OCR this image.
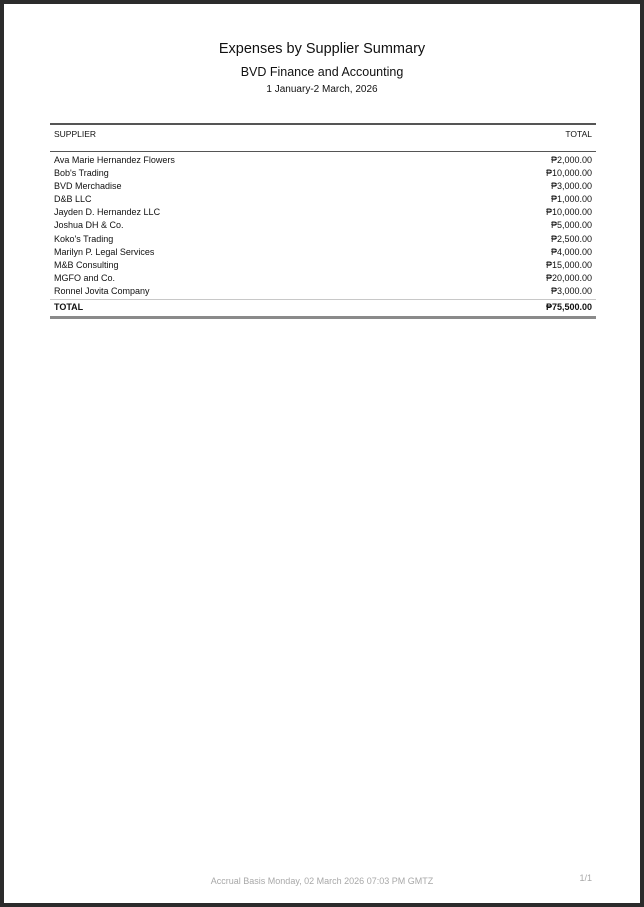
Expenses by Supplier Summary
BVD Finance and Accounting
1 January-2 March, 2026
SUPPLIER	TOTAL
Ava Marie Hernandez Flowers	₱2,000.00
Bob's Trading	₱10,000.00
BVD Merchadise	₱3,000.00
D&B LLC	₱1,000.00
Jayden D. Hernandez LLC	₱10,000.00
Joshua DH & Co.	₱5,000.00
Koko's Trading	₱2,500.00
Marilyn P. Legal Services	₱4,000.00
M&B Consulting	₱15,000.00
MGFO and Co.	₱20,000.00
Ronnel Jovita Company	₱3,000.00
TOTAL	₱75,500.00
Accrual Basis Monday, 02 March 2026 07:03 PM GMTZ	1/1
